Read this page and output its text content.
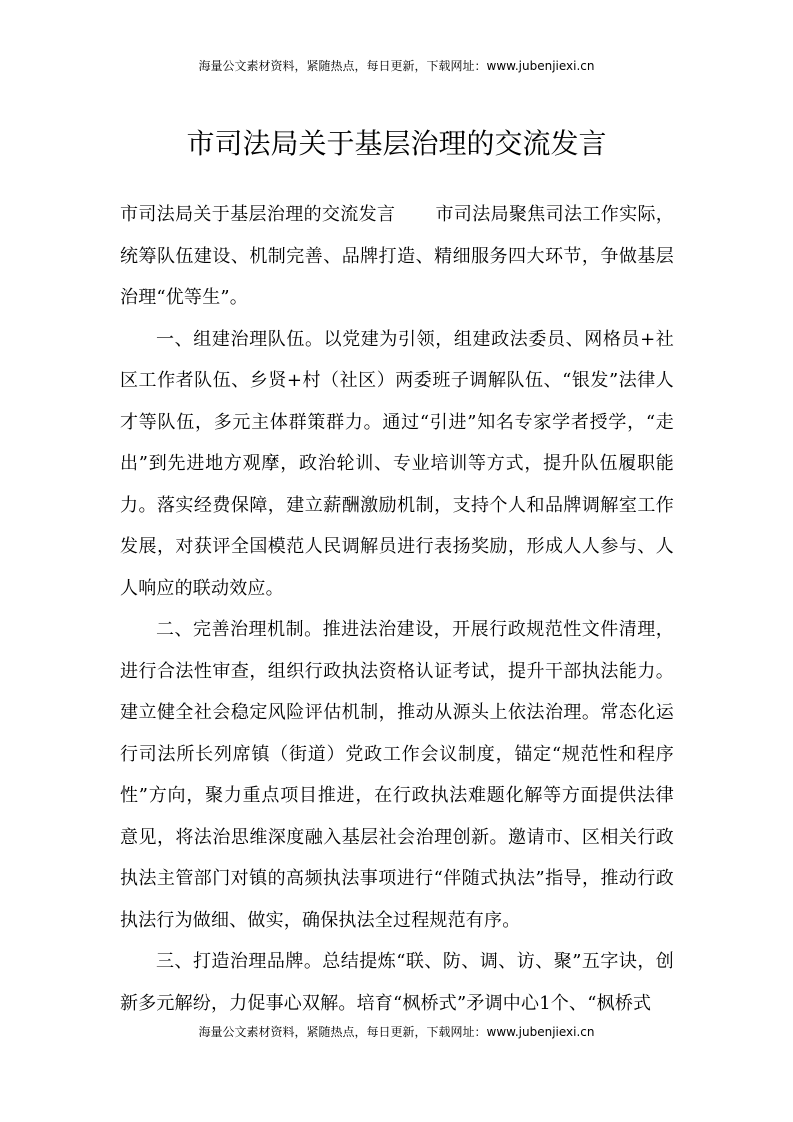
海量公文素材资料，紧随热点，每日更新，下载网址：www.jubenjiexi.cn
市司法局关于基层治理的交流发言

市司法局关于基层治理的交流发言 市司法局聚焦司法工作实际，统筹队伍建设、机制完善、品牌打造、精细服务四大环节，争做基层治理“优等生”。

一、组建治理队伍。以党建为引领，组建政法委员、网格员+社区工作者队伍、乡贤+村（社区）两委班子调解队伍、“银发”法律人才等队伍，多元主体群策群力。通过“引进”知名专家学者授学，“走出”到先进地方观摩，政治轮训、专业培训等方式，提升队伍履职能力。落实经费保障，建立薪酬激励机制，支持个人和品牌调解室工作发展，对获评全国模范人民调解员进行表扬奖励，形成人人参与、人人响应的联动效应。

二、完善治理机制。推进法治建设，开展行政规范性文件清理，进行合法性审查，组织行政执法资格认证考试，提升干部执法能力。建立健全社会稳定风险评估机制，推动从源头上依法治理。常态化运行司法所长列席镇（街道）党政工作会议制度，锚定“规范性和程序性”方向，聚力重点项目推进，在行政执法难题化解等方面提供法律意见，将法治思维深度融入基层社会治理创新。邀请市、区相关行政执法主管部门对镇的高频执法事项进行“伴随式执法”指导，推动行政执法行为做细、做实，确保执法全过程规范有序。

三、打造治理品牌。总结提炼“联、防、调、访、聚”五字诀，创新多元解纷，力促事心双解。培育“枫桥式”矛调中心1个、“枫桥式

海量公文素材资料，紧随热点，每日更新，下载网址：www.jubenjiexi.cn
